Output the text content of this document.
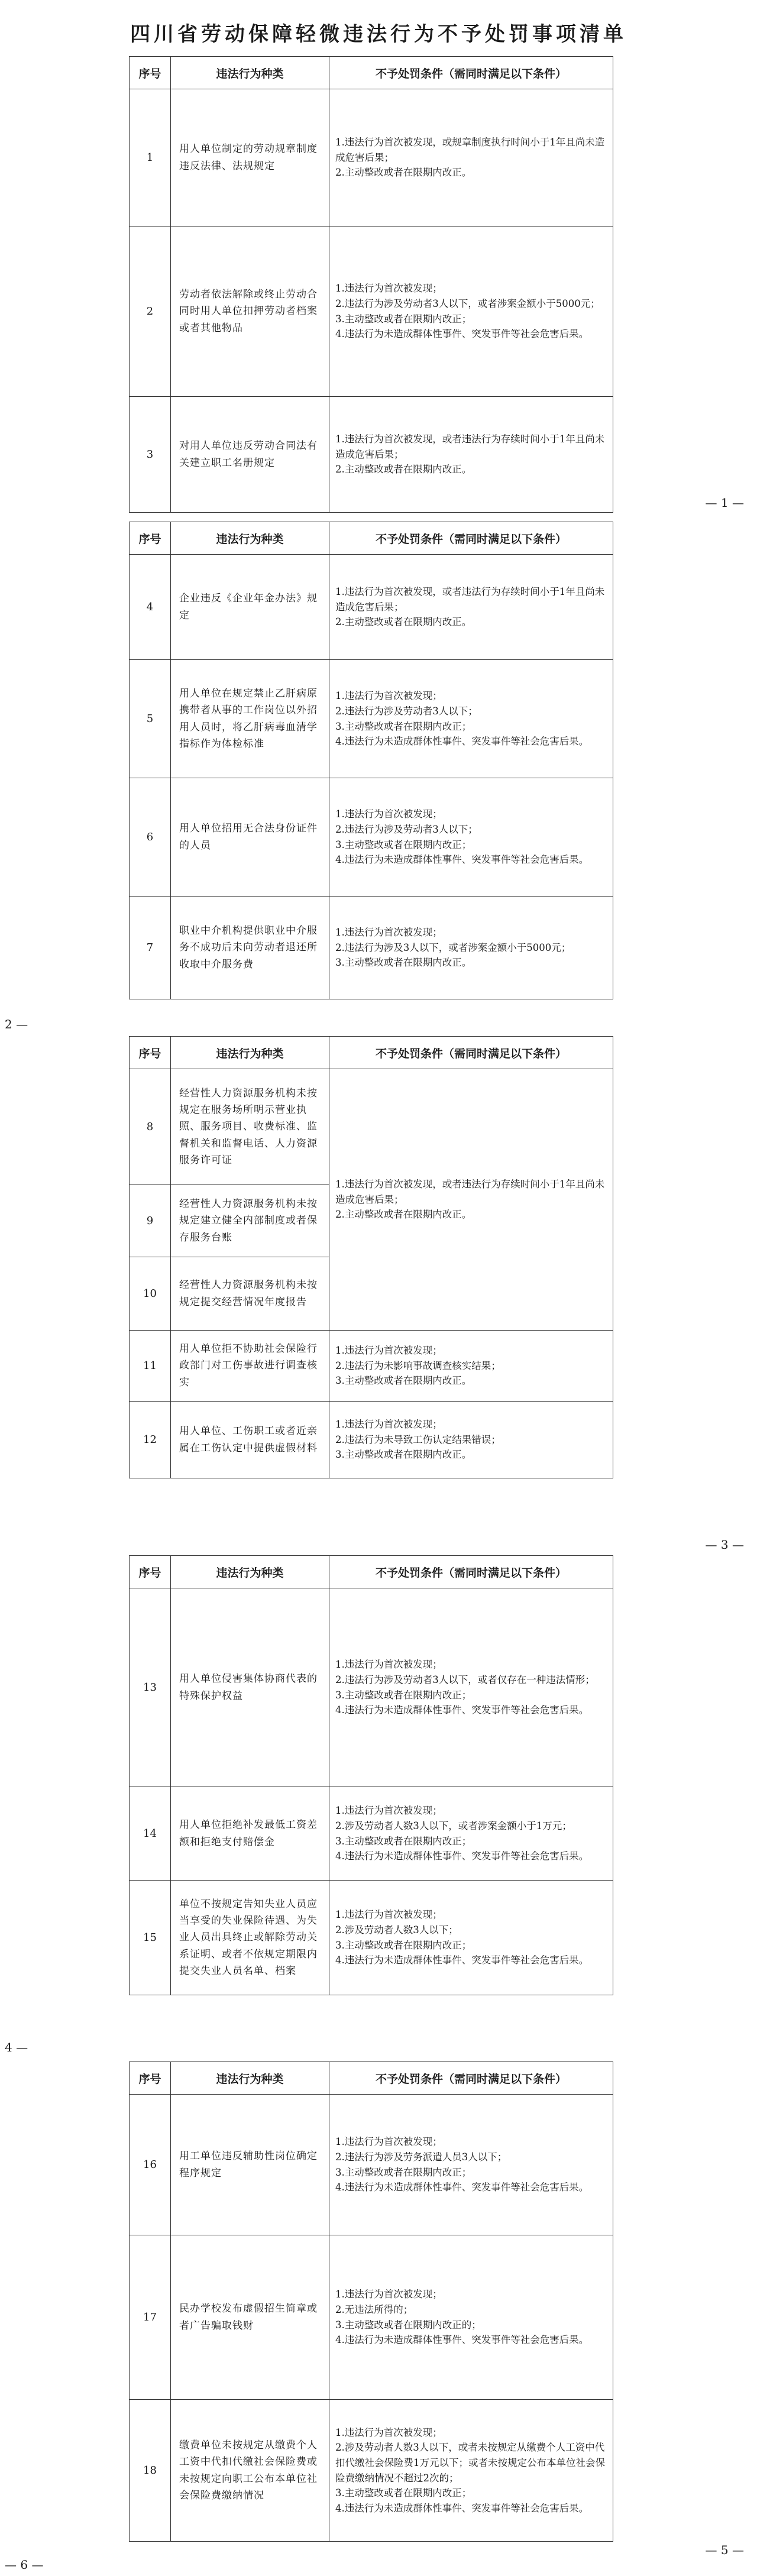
四川省劳动保障轻微违法行为不予处罚事项清单
序号	违法行为种类	不予处罚条件（需同时满足以下条件）
1	用人单位制定的劳动规章制度违反法律、法规规定	1.违法行为首次被发现，或规章制度执行时间小于1年且尚未造成危害后果；
2.主动整改或者在限期内改正。

2	劳动者依法解除或终止劳动合同时用人单位扣押劳动者档案或者其他物品	1.违法行为首次被发现；
2.违法行为涉及劳动者3人以下，或者涉案金额小于5000元；
3.主动整改或者在限期内改正；
4.违法行为未造成群体性事件、突发事件等社会危害后果。

3	对用人单位违反劳动合同法有关建立职工名册规定	1.违法行为首次被发现，或者违法行为存续时间小于1年且尚未造成危害后果；
2.主动整改或者在限期内改正。
— 1 —
序号	违法行为种类	不予处罚条件（需同时满足以下条件）
4	企业违反《企业年金办法》规定	1.违法行为首次被发现，或者违法行为存续时间小于1年且尚未造成危害后果；
2.主动整改或者在限期内改正。

5	用人单位在规定禁止乙肝病原携带者从事的工作岗位以外招用人员时，将乙肝病毒血清学指标作为体检标准	1.违法行为首次被发现；
2.违法行为涉及劳动者3人以下；
3.主动整改或者在限期内改正；
4.违法行为未造成群体性事件、突发事件等社会危害后果。

6	用人单位招用无合法身份证件的人员	1.违法行为首次被发现；
2.违法行为涉及劳动者3人以下；
3.主动整改或者在限期内改正；
4.违法行为未造成群体性事件、突发事件等社会危害后果。

7	职业中介机构提供职业中介服务不成功后未向劳动者退还所收取中介服务费	1.违法行为首次被发现；
2.违法行为涉及3人以下，或者涉案金额小于5000元；
3.主动整改或者在限期内改正。
2 —
序号	违法行为种类	不予处罚条件（需同时满足以下条件）
8	经营性人力资源服务机构未按规定在服务场所明示营业执照、服务项目、收费标准、监督机关和监督电话、人力资源服务许可证	1.违法行为首次被发现，或者违法行为存续时间小于1年且尚未造成危害后果；
2.主动整改或者在限期内改正。

9	经营性人力资源服务机构未按规定建立健全内部制度或者保存服务台账	
10	经营性人力资源服务机构未按规定提交经营情况年度报告	
11	用人单位拒不协助社会保险行政部门对工伤事故进行调查核实	1.违法行为首次被发现；
2.违法行为未影响事故调查核实结果；
3.主动整改或者在限期内改正。

12	用人单位、工伤职工或者近亲属在工伤认定中提供虚假材料	1.违法行为首次被发现；
2.违法行为未导致工伤认定结果错误；
3.主动整改或者在限期内改正。
— 3 —
序号	违法行为种类	不予处罚条件（需同时满足以下条件）
13	用人单位侵害集体协商代表的特殊保护权益	1.违法行为首次被发现；
2.违法行为涉及劳动者3人以下，或者仅存在一种违法情形；
3.主动整改或者在限期内改正；
4.违法行为未造成群体性事件、突发事件等社会危害后果。

14	用人单位拒绝补发最低工资差额和拒绝支付赔偿金	1.违法行为首次被发现；
2.涉及劳动者人数3人以下，或者涉案金额小于1万元；
3.主动整改或者在限期内改正；
4.违法行为未造成群体性事件、突发事件等社会危害后果。

15	单位不按规定告知失业人员应当享受的失业保险待遇、为失业人员出具终止或解除劳动关系证明、或者不依规定期限内提交失业人员名单、档案	1.违法行为首次被发现；
2.涉及劳动者人数3人以下；
3.主动整改或者在限期内改正；
4.违法行为未造成群体性事件、突发事件等社会危害后果。
4 —
序号	违法行为种类	不予处罚条件（需同时满足以下条件）
16	用工单位违反辅助性岗位确定程序规定	1.违法行为首次被发现；
2.违法行为涉及劳务派遣人员3人以下；
3.主动整改或者在限期内改正；
4.违法行为未造成群体性事件、突发事件等社会危害后果。

17	民办学校发布虚假招生简章或者广告骗取钱财	1.违法行为首次被发现；
2.无违法所得的；
3.主动整改或者在限期内改正的；
4.违法行为未造成群体性事件、突发事件等社会危害后果。

18	缴费单位未按规定从缴费个人工资中代扣代缴社会保险费或未按规定向职工公布本单位社会保险费缴纳情况	1.违法行为首次被发现；
2.涉及劳动者人数3人以下，或者未按规定从缴费个人工资中代扣代缴社会保险费1万元以下；或者未按规定公布本单位社会保险费缴纳情况不超过2次的；
3.主动整改或者在限期内改正；
4.违法行为未造成群体性事件、突发事件等社会危害后果。
— 5 —
— 6 —
